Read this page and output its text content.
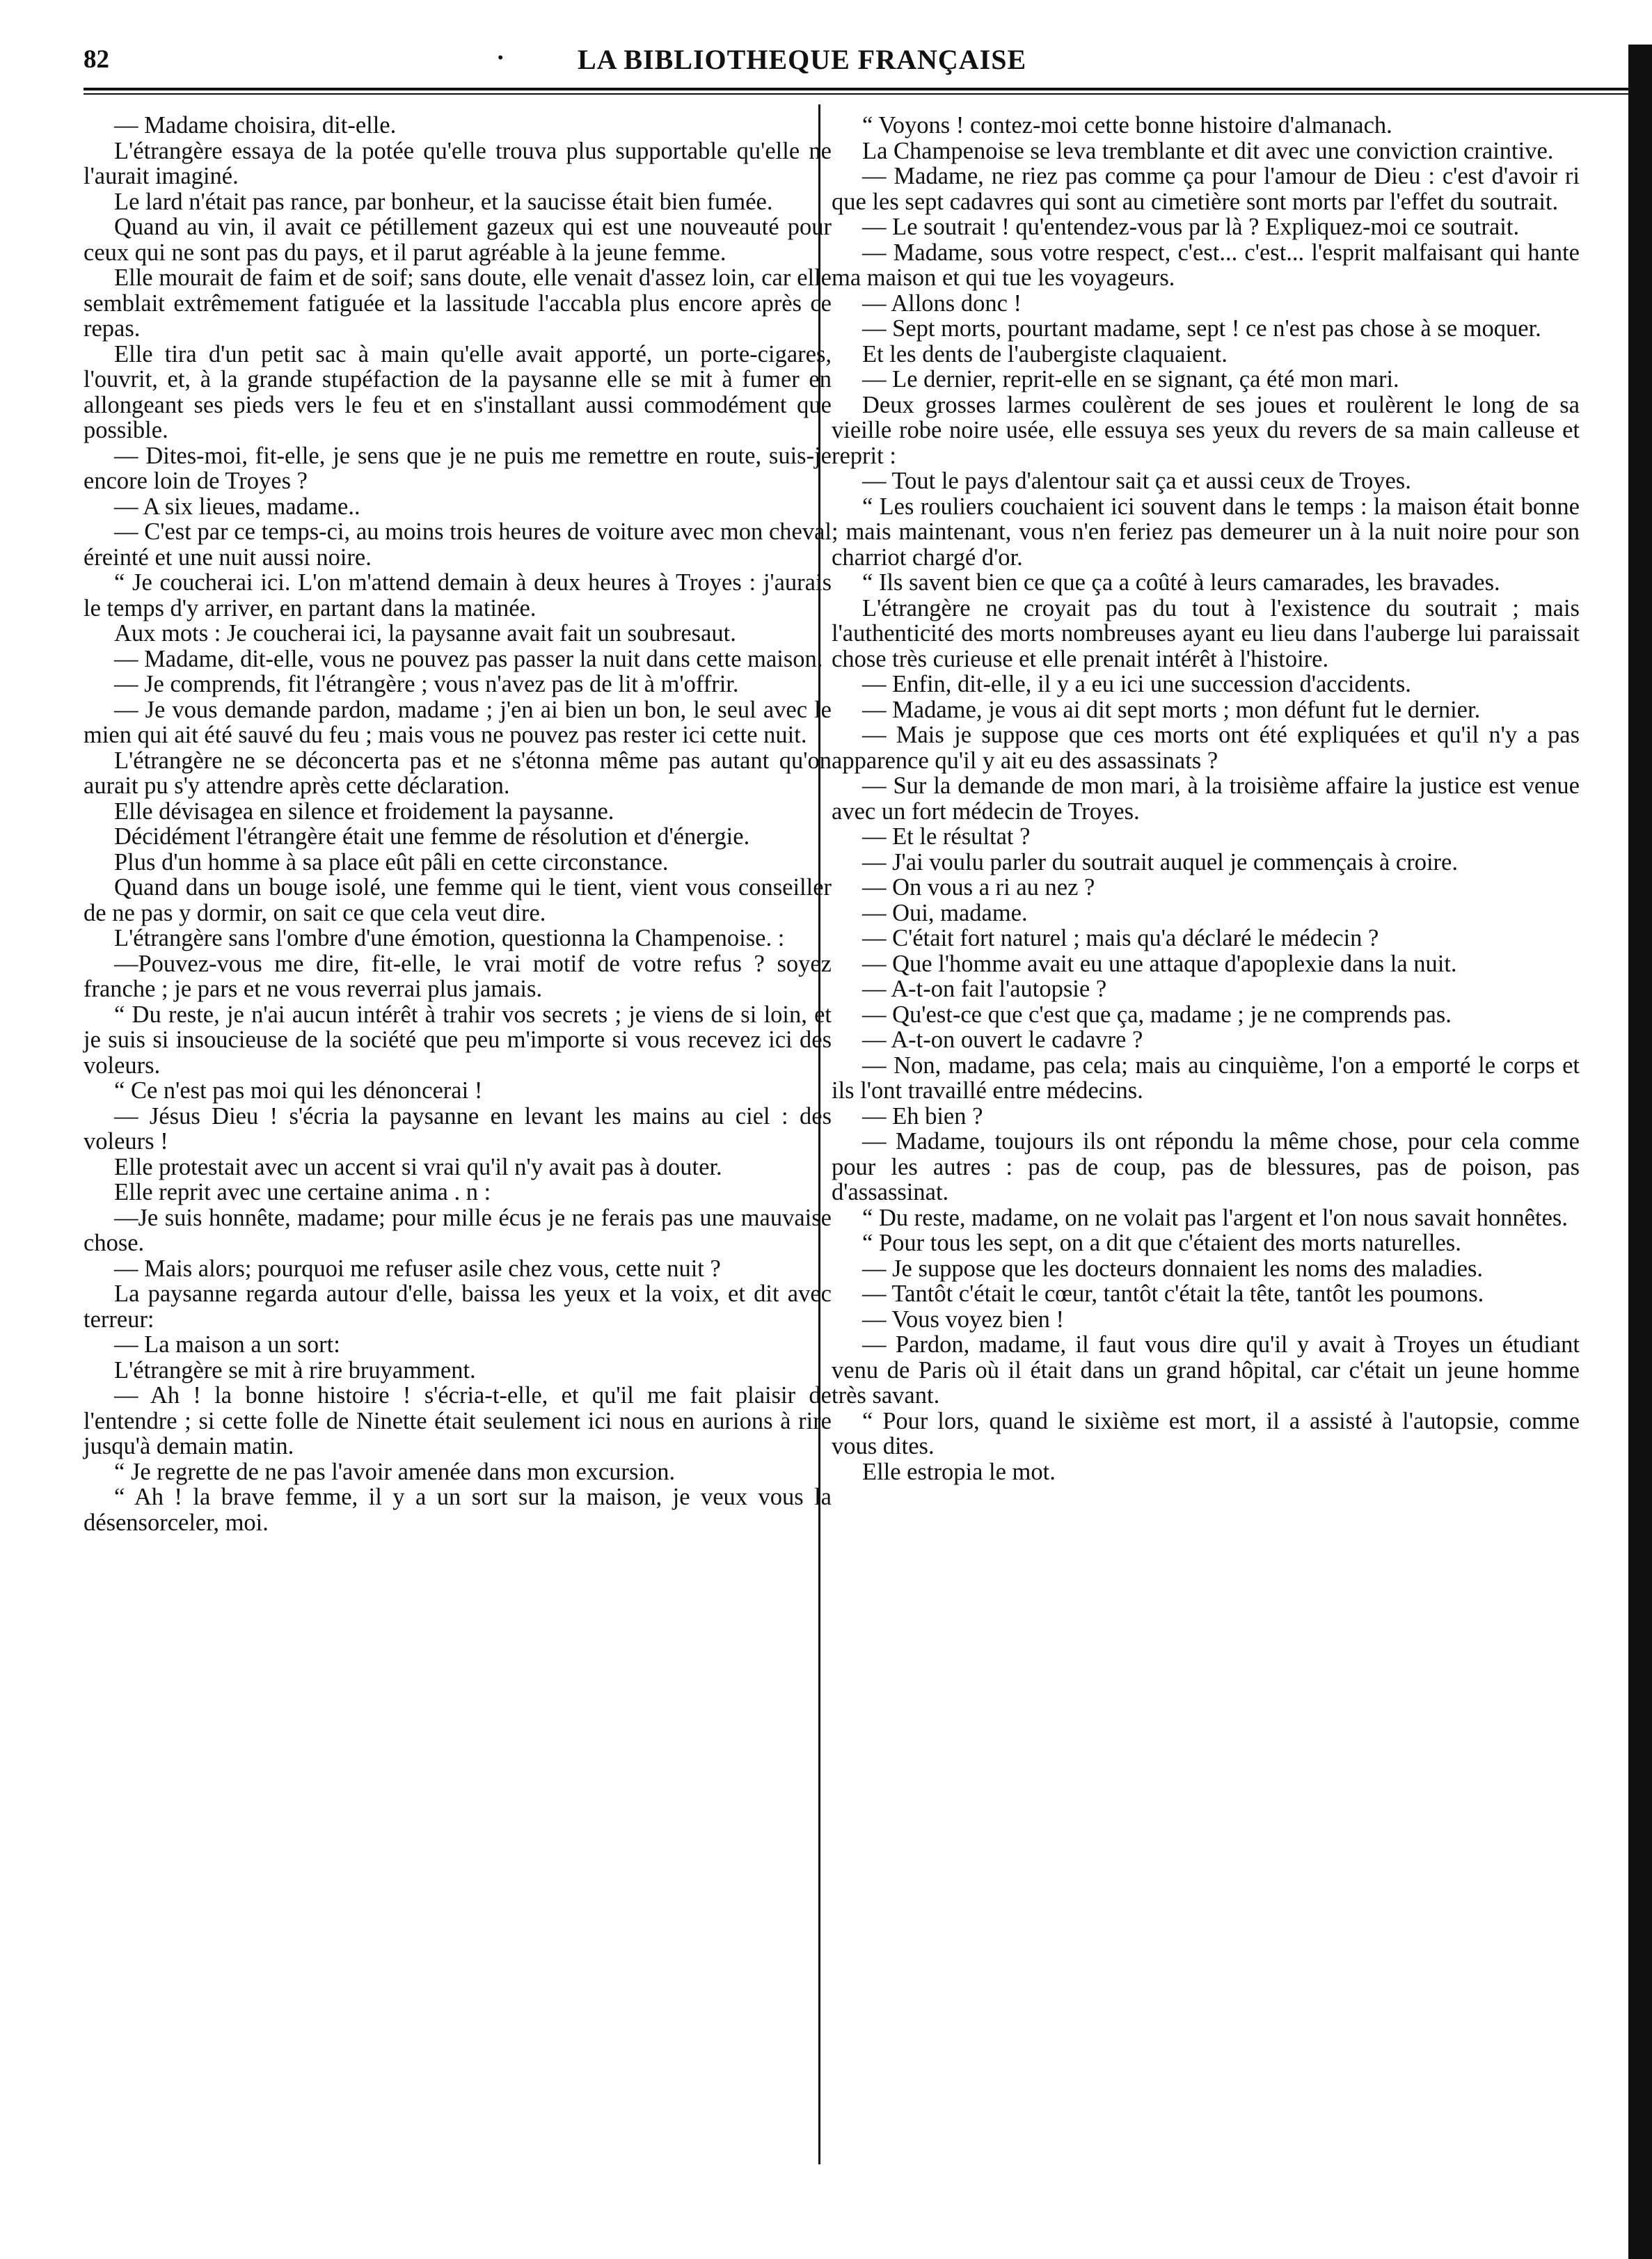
82	·	LA BIBLIOTHEQUE FRANÇAISE

— Madame choisira, dit-elle.

L'étrangère essaya de la potée qu'elle trouva plus supportable qu'elle ne l'aurait imaginé.

Le lard n'était pas rance, par bonheur, et la saucisse était bien fumée.

Quand au vin, il avait ce pétillement gazeux qui est une nouveauté pour ceux qui ne sont pas du pays, et il parut agréable à la jeune femme.

Elle mourait de faim et de soif; sans doute, elle venait d'assez loin, car elle semblait extrêmement fatiguée et la lassitude l'accabla plus encore après ce repas.

Elle tira d'un petit sac à main qu'elle avait apporté, un porte-cigares, l'ouvrit, et, à la grande stupéfaction de la paysanne elle se mit à fumer en allongeant ses pieds vers le feu et en s'installant aussi commodément que possible.

— Dites-moi, fit-elle, je sens que je ne puis me remettre en route, suis-je encore loin de Troyes ?

— A six lieues, madame..

— C'est par ce temps-ci, au moins trois heures de voiture avec mon cheval éreinté et une nuit aussi noire.

“ Je coucherai ici. L'on m'attend demain à deux heures à Troyes : j'aurais le temps d'y arriver, en partant dans la matinée.

Aux mots : Je coucherai ici, la paysanne avait fait un soubresaut.

— Madame, dit-elle, vous ne pouvez pas passer la nuit dans cette maison.

— Je comprends, fit l'étrangère ; vous n'avez pas de lit à m'offrir.

— Je vous demande pardon, madame ; j'en ai bien un bon, le seul avec le mien qui ait été sauvé du feu ; mais vous ne pouvez pas rester ici cette nuit.

L'étrangère ne se déconcerta pas et ne s'étonna même pas autant qu'on aurait pu s'y attendre après cette déclaration.

Elle dévisagea en silence et froidement la paysanne.

Décidément l'étrangère était une femme de résolution et d'énergie.

Plus d'un homme à sa place eût pâli en cette circonstance.

Quand dans un bouge isolé, une femme qui le tient, vient vous conseiller de ne pas y dormir, on sait ce que cela veut dire.

L'étrangère sans l'ombre d'une émotion, questionna la Champenoise. :

—Pouvez-vous me dire, fit-elle, le vrai motif de votre refus ? soyez franche ; je pars et ne vous reverrai plus jamais.

“ Du reste, je n'ai aucun intérêt à trahir vos secrets ; je viens de si loin, et je suis si insoucieuse de la société que peu m'importe si vous recevez ici des voleurs.

“ Ce n'est pas moi qui les dénoncerai !

— Jésus Dieu ! s'écria la paysanne en levant les mains au ciel : des voleurs !

Elle protestait avec un accent si vrai qu'il n'y avait pas à douter.

Elle reprit avec une certaine anima . n :

—Je suis honnête, madame; pour mille écus je ne ferais pas une mauvaise chose.

— Mais alors; pourquoi me refuser asile chez vous, cette nuit ?

La paysanne regarda autour d'elle, baissa les yeux et la voix, et dit avec terreur:

— La maison a un sort:

L'étrangère se mit à rire bruyamment.

— Ah ! la bonne histoire ! s'écria-t-elle, et qu'il me fait plaisir de l'entendre ; si cette folle de Ninette était seulement ici nous en aurions à rire jusqu'à demain matin.

“ Je regrette de ne pas l'avoir amenée dans mon excursion.

“ Ah ! la brave femme, il y a un sort sur la maison, je veux vous la désensorceler, moi.

“ Voyons ! contez-moi cette bonne histoire d'almanach.

La Champenoise se leva tremblante et dit avec une conviction craintive.

— Madame, ne riez pas comme ça pour l'amour de Dieu : c'est d'avoir ri que les sept cadavres qui sont au cimetière sont morts par l'effet du soutrait.

— Le soutrait ! qu'entendez-vous par là ? Expliquez-moi ce soutrait.

— Madame, sous votre respect, c'est... c'est... l'esprit malfaisant qui hante ma maison et qui tue les voyageurs.

— Allons donc !

— Sept morts, pourtant madame, sept ! ce n'est pas chose à se moquer.

Et les dents de l'aubergiste claquaient.

— Le dernier, reprit-elle en se signant, ça été mon mari.

Deux grosses larmes coulèrent de ses joues et roulèrent le long de sa vieille robe noire usée, elle essuya ses yeux du revers de sa main calleuse et reprit :

— Tout le pays d'alentour sait ça et aussi ceux de Troyes.

“ Les rouliers couchaient ici souvent dans le temps : la maison était bonne ; mais maintenant, vous n'en feriez pas demeurer un à la nuit noire pour son charriot chargé d'or.

“ Ils savent bien ce que ça a coûté à leurs camarades, les bravades.

L'étrangère ne croyait pas du tout à l'existence du soutrait ; mais l'authenticité des morts nombreuses ayant eu lieu dans l'auberge lui paraissait chose très curieuse et elle prenait intérêt à l'histoire.

— Enfin, dit-elle, il y a eu ici une succession d'accidents.

— Madame, je vous ai dit sept morts ; mon défunt fut le dernier.

— Mais je suppose que ces morts ont été expliquées et qu'il n'y a pas apparence qu'il y ait eu des assassinats ?

— Sur la demande de mon mari, à la troisième affaire la justice est venue avec un fort médecin de Troyes.

— Et le résultat ?

— J'ai voulu parler du soutrait auquel je commençais à croire.

— On vous a ri au nez ?

— Oui, madame.

— C'était fort naturel ; mais qu'a déclaré le médecin ?

— Que l'homme avait eu une attaque d'apoplexie dans la nuit.

— A-t-on fait l'autopsie ?

— Qu'est-ce que c'est que ça, madame ; je ne comprends pas.

— A-t-on ouvert le cadavre ?

— Non, madame, pas cela; mais au cinquième, l'on a emporté le corps et ils l'ont travaillé entre médecins.

— Eh bien ?

— Madame, toujours ils ont répondu la même chose, pour cela comme pour les autres : pas de coup, pas de blessures, pas de poison, pas d'assassinat.

“ Du reste, madame, on ne volait pas l'argent et l'on nous savait honnêtes.

“ Pour tous les sept, on a dit que c'étaient des morts naturelles.

— Je suppose que les docteurs donnaient les noms des maladies.

— Tantôt c'était le cœur, tantôt c'était la tête, tantôt les poumons.

— Vous voyez bien !

— Pardon, madame, il faut vous dire qu'il y avait à Troyes un étudiant venu de Paris où il était dans un grand hôpital, car c'était un jeune homme très savant.

“ Pour lors, quand le sixième est mort, il a assisté à l'autopsie, comme vous dites.

Elle estropia le mot.
